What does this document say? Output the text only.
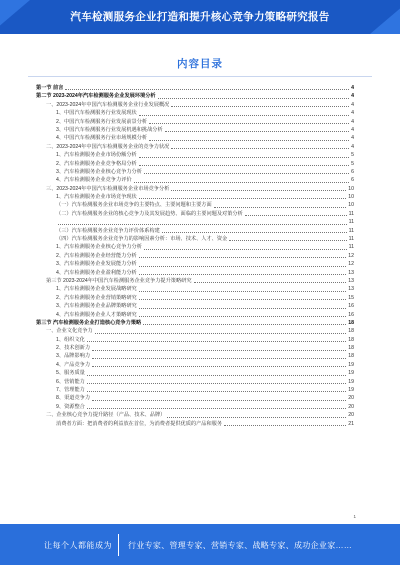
汽车检测服务企业打造和提升核心竞争力策略研究报告
内容目录
第一节 前言	4
第二节 2023-2024年汽车检测服务企业发展环境分析	4
一、2023-2024年中国汽车检测服务企业行业发展概况	4
1、中国汽车检测服务行业发展现状	4
2、中国汽车检测服务行业发展前景分析	4
3、中国汽车检测服务行业发展机遇和挑战分析	4
4、中国汽车检测服务行业市场规模分析	4
二、2023-2024年中国汽车检测服务企业的竞争力状况	4
1、汽车检测服务企业市场份额分析	5
2、汽车检测服务企业竞争格局分析	5
3、汽车检测服务企业核心竞争力分析	6
4、汽车检测服务企业竞争力评价	6
三、2023-2024年中国汽车检测服务企业市场竞争分析	10
1、汽车检测服务企业市场竞争现状	10
（一）汽车检测服务企业市场竞争的主要特点、主要问题和主要方面	10
（二）汽车检测服务企业的核心竞争力及其发展趋势、面临的主要问题及对策分析	11
11
（三）汽车检测服务企业竞争力评价体系构建	11
（四）汽车检测服务企业竞争力的影响因素分析：市场、技术、人才、资金	11
1、汽车检测服务企业核心竞争力分析	11
2、汽车检测服务企业经营能力分析	12
3、汽车检测服务企业发展能力分析	12
4、汽车检测服务企业盈利能力分析	13
第三节 2023-2024年中国汽车检测服务企业竞争力提升策略研究	13
1、汽车检测服务企业发展战略研究	13
2、汽车检测服务企业营销策略研究	15
3、汽车检测服务企业品牌策略研究	16
4、汽车检测服务企业人才策略研究	16
第三节 汽车检测服务企业打造核心竞争力策略	18
一、企业文化竞争力	18
1、组织文化	18
2、技术创新力	18
3、品牌影响力	18
4、产品竞争力	19
5、服务质量	19
6、营销能力	19
7、管理能力	19
8、渠道竞争力	20
9、资源整合	20
二、企业核心竞争力提升路径（产品、技术、品牌）	20
消费者方面：把消费者的利益放在首位，为消费者提供优质的产品和服务	21
1
让每个人都能成为 行业专家、管理专家、营销专家、战略专家、成功企业家……
